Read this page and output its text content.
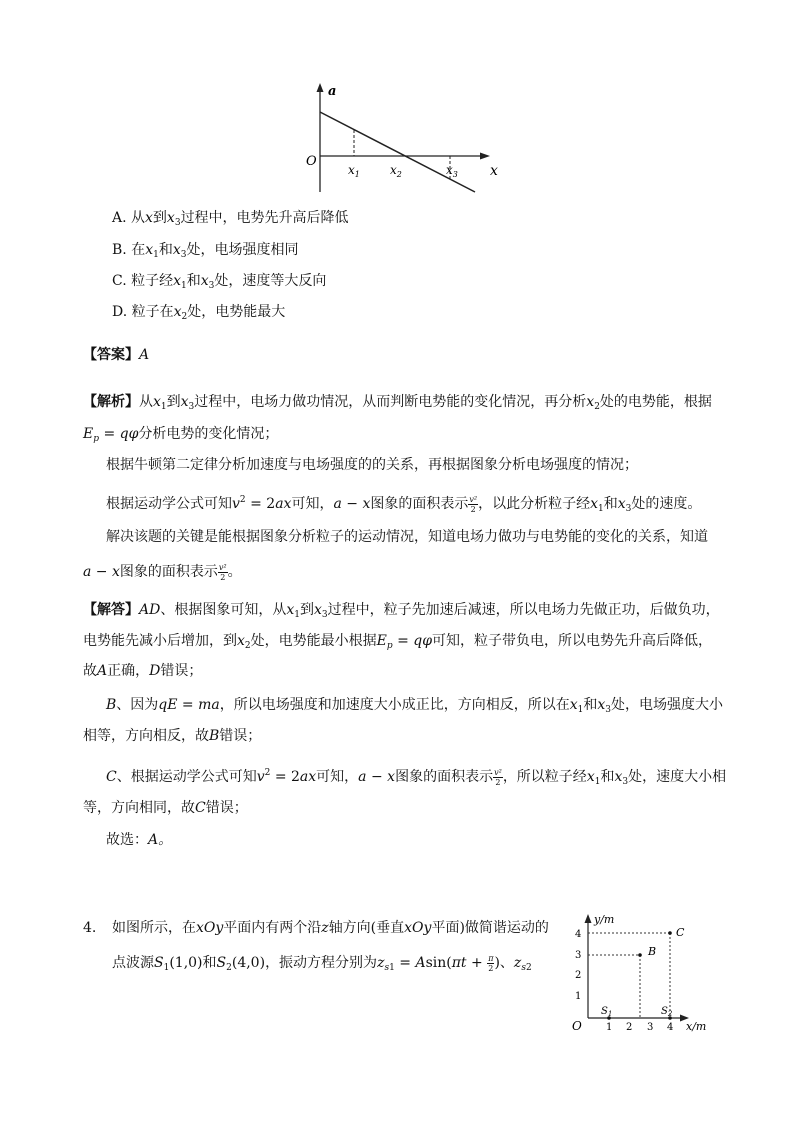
a
x
O
$x_1$	$x_2$	$x_3$
A. 从x到$x_3$过程中，电势先升高后降低
B. 在$x_1$和$x_3$处，电场强度相同
C. 粒子经$x_1$和$x_3$处，速度等大反向
D. 粒子在$x_2$处，电势能最大
【答案】A
【解析】从$x_1$到$x_3$过程中，电场力做功情况，从而判断电势能的变化情况，再分析$x_2$处的电势能，根据
$E_p = q\varphi$分析电势的变化情况；
根据牛顿第二定律分析加速度与电场强度的的关系，再根据图象分析电场强度的情况；
根据运动学公式可知$v^2 = 2ax$可知，a − x图象的面积表示 $\frac{\text{v²}}{2}$ ，以此分析粒子经$x_1$和$x_3$处的速度。
解决该题的关键是能根据图象分析粒子的运动情况，知道电场力做功与电势能的变化的关系，知道
a − x图象的面积表示 $\frac{\text{v²}}{2}$ 。
【解答】AD、根据图象可知，从$x_1$到$x_3$过程中，粒子先加速后减速，所以电场力先做正功，后做负功，
电势能先减小后增加，到$x_2$处，电势能最小根据$E_p = q\varphi$可知，粒子带负电，所以电势先升高后降低，
故A正确，D错误；
B、因为qE = ma，所以电场强度和加速度大小成正比，方向相反，所以在$x_1$和$x_3$处，电场强度大小
相等，方向相反，故B错误；
C、根据运动学公式可知$v^2 = 2ax$可知，a − x图象的面积表示 $\frac{\text{v²}}{2}$ ，所以粒子经$x_1$和$x_3$处，速度大小相
等，方向相同，故C错误；
故选：A。
4. 如图所示，在xOy平面内有两个沿z轴方向(垂直xOy平面)做简谐运动的
点波源$S_1(1,0)$和$S_2(4,0)$，振动方程分别为$z_{s1} = Asin(\pi t + \frac{\pi}{2}$ )、$z_{s2}$
y/m
x/m
O
B
C
$S_1$	$S_2$
1
2
3
4
1 2 3 4
